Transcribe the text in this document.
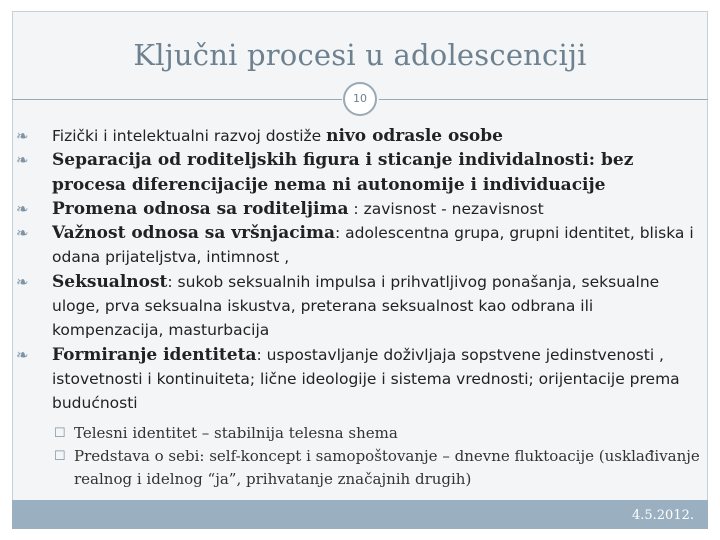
Ključni procesi u adolescenciji
10
❧ Fizički i intelektualni razvoj dostiže nivo odrasle osobe
❧ Separacija od roditeljskih figura i sticanje individalnosti: bez procesa diferencijacije nema ni autonomije i individuacije
❧ Promena odnosa sa roditeljima : zavisnost - nezavisnost
❧ Važnost odnosa sa vršnjacima: adolescentna grupa, grupni identitet, bliska i odana prijateljstva, intimnost ,
❧ Seksualnost: sukob seksualnih impulsa i prihvatljivog ponašanja, seksualne uloge, prva seksualna iskustva, preterana seksualnost kao odbrana ili kompenzacija, masturbacija
❧ Formiranje identiteta: uspostavljanje doživljaja sopstvene jedinstvenosti , istovetnosti i kontinuiteta; lične ideologije i sistema vrednosti; orijentacije prema budućnosti
☐ Telesni identitet – stabilnija telesna shema
☐ Predstava o sebi: self-koncept i samopoštovanje – dnevne fluktoacije (usklađivanje realnog i idelnog “ja”, prihvatanje značajnih drugih)
4.5.2012.
